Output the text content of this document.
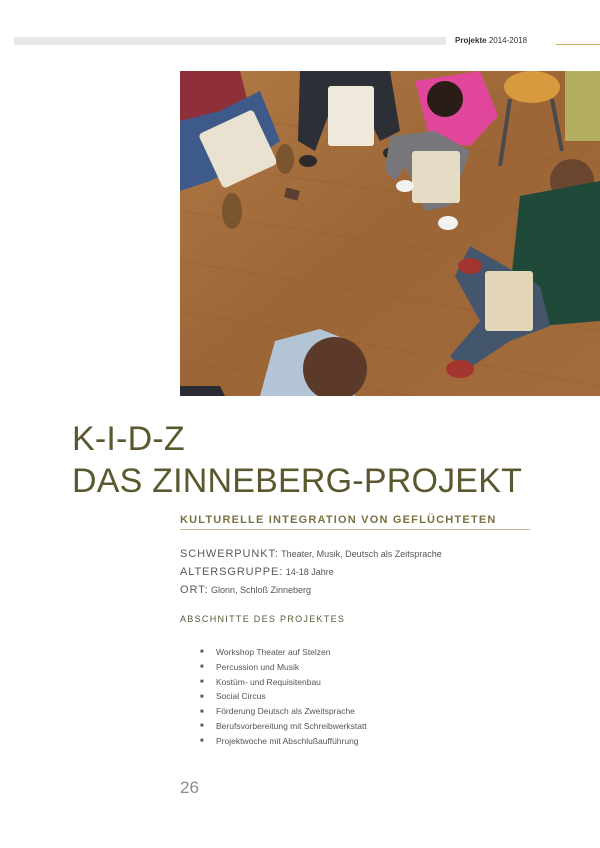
Projekte 2014-2018
K-I-D-Z
DAS ZINNEBERG-PROJEKT
KULTURELLE INTEGRATION VON GEFLÜCHTETEN
SCHWERPUNKT: Theater, Musik, Deutsch als Zeitsprache
ALTERSGRUPPE: 14-18 Jahre
ORT: Glonn, Schloß Zinneberg
ABSCHNITTE DES PROJEKTES
■ Workshop Theater auf Stelzen
■ Percussion und Musik
■ Kostüm- und Requisitenbau
■ Social Circus
■ Förderung Deutsch als Zweitsprache
■ Berufsvorbereitung mit Schreibwerkstatt
■ Projektwoche mit Abschlußaufführung
26
